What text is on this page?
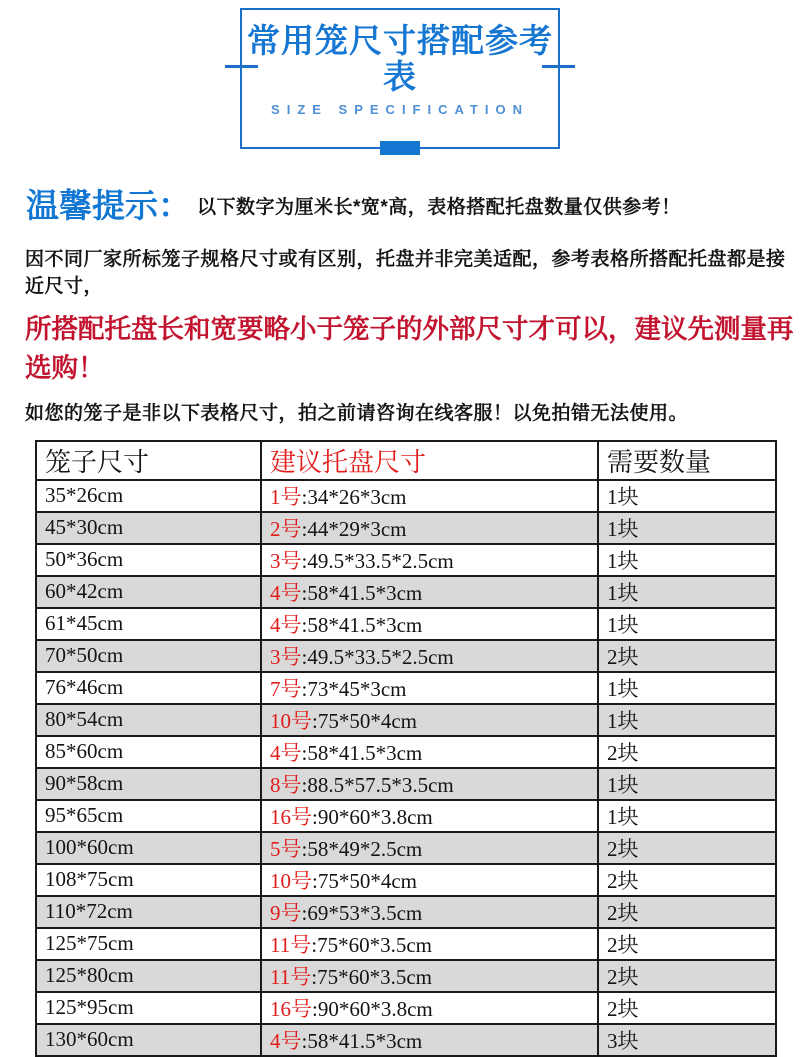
常用笼尺寸搭配参考表
SIZE SPECIFICATION
温馨提示： 以下数字为厘米长*宽*高，表格搭配托盘数量仅供参考！
因不同厂家所标笼子规格尺寸或有区别，托盘并非完美适配，参考表格所搭配托盘都是接近尺寸，
所搭配托盘长和宽要略小于笼子的外部尺寸才可以，建议先测量再选购！
如您的笼子是非以下表格尺寸，拍之前请咨询在线客服！以免拍错无法使用。
笼子尺寸	建议托盘尺寸	需要数量
35*26cm	1号:34*26*3cm	1块
45*30cm	2号:44*29*3cm	1块
50*36cm	3号:49.5*33.5*2.5cm	1块
60*42cm	4号:58*41.5*3cm	1块
61*45cm	4号:58*41.5*3cm	1块
70*50cm	3号:49.5*33.5*2.5cm	2块
76*46cm	7号:73*45*3cm	1块
80*54cm	10号:75*50*4cm	1块
85*60cm	4号:58*41.5*3cm	2块
90*58cm	8号:88.5*57.5*3.5cm	1块
95*65cm	16号:90*60*3.8cm	1块
100*60cm	5号:58*49*2.5cm	2块
108*75cm	10号:75*50*4cm	2块
110*72cm	9号:69*53*3.5cm	2块
125*75cm	11号:75*60*3.5cm	2块
125*80cm	11号:75*60*3.5cm	2块
125*95cm	16号:90*60*3.8cm	2块
130*60cm	4号:58*41.5*3cm	3块
